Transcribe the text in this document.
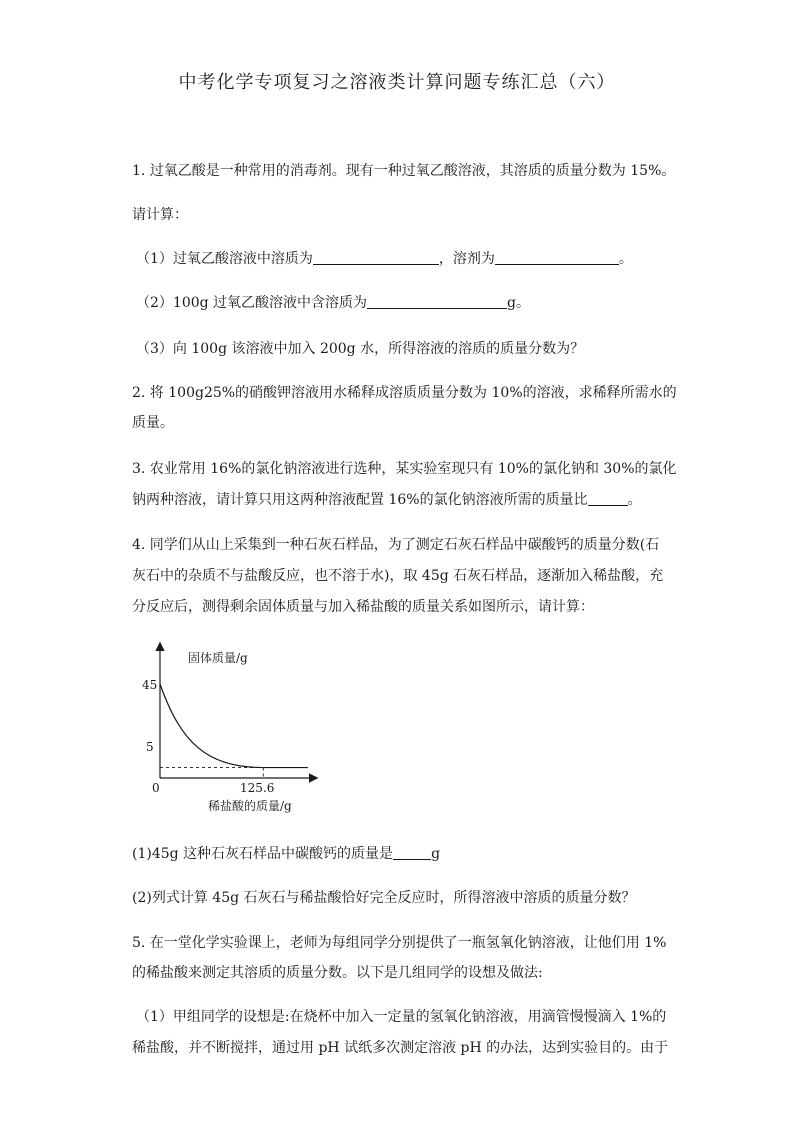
中考化学专项复习之溶液类计算问题专练汇总（六）
1. 过氧乙酸是一种常用的消毒剂。现有一种过氧乙酸溶液，其溶质的质量分数为 15%。
请计算：
（1）过氧乙酸溶液中溶质为	，溶剂为	。
（2）100g 过氧乙酸溶液中含溶质为	g。
（3）向 100g 该溶液中加入 200g 水，所得溶液的溶质的质量分数为？
2. 将 100g25%的硝酸钾溶液用水稀释成溶质质量分数为 10%的溶液，求稀释所需水的
质量。
3. 农业常用 16%的氯化钠溶液进行选种，某实验室现只有 10%的氯化钠和 30%的氯化
钠两种溶液，请计算只用这两种溶液配置 16%的氯化钠溶液所需的质量比	。
4. 同学们从山上采集到一种石灰石样品，为了测定石灰石样品中碳酸钙的质量分数(石
灰石中的杂质不与盐酸反应，也不溶于水)，取 45g 石灰石样品，逐渐加入稀盐酸，充
分反应后，测得剩余固体质量与加入稀盐酸的质量关系如图所示，请计算：
固体质量/g
稀盐酸的质量/g
0
45
5
125.6
(1)45g 这种石灰石样品中碳酸钙的质量是	g
(2)列式计算 45g 石灰石与稀盐酸恰好完全反应时，所得溶液中溶质的质量分数？
5. 在一堂化学实验课上，老师为每组同学分别提供了一瓶氢氧化钠溶液，让他们用 1%
的稀盐酸来测定其溶质的质量分数。以下是几组同学的设想及做法:
（1）甲组同学的设想是:在烧杯中加入一定量的氢氧化钠溶液，用滴管慢慢滴入 1%的
稀盐酸，并不断搅拌，通过用 pH 试纸多次测定溶液 pH 的办法，达到实验目的。由于
